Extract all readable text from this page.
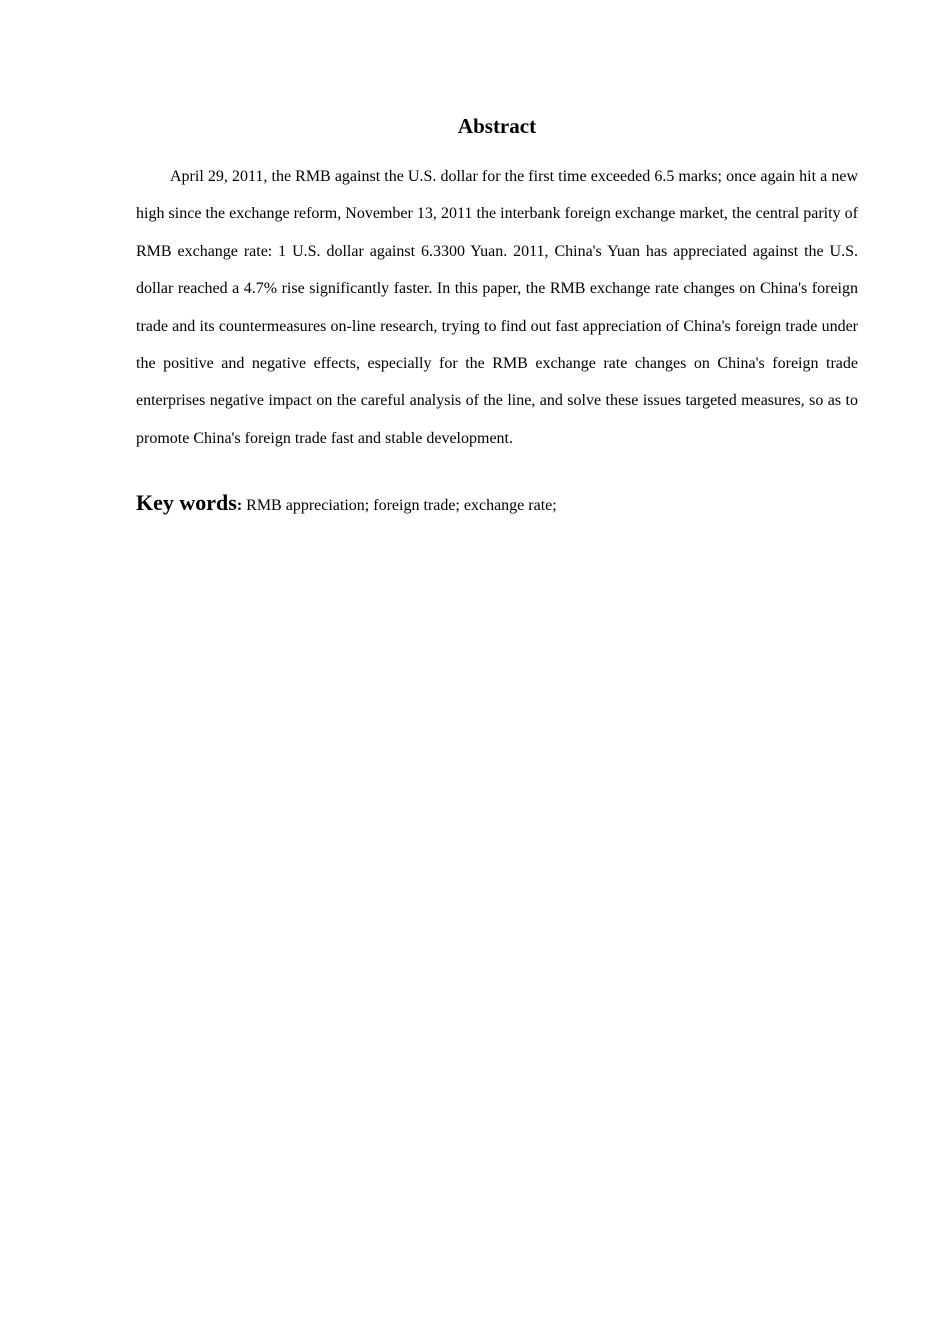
Abstract

April 29, 2011, the RMB against the U.S. dollar for the first time exceeded 6.5 marks; once again hit a new high since the exchange reform, November 13, 2011 the interbank foreign exchange market, the central parity of RMB exchange rate: 1 U.S. dollar against 6.3300 Yuan. 2011, China's Yuan has appreciated against the U.S. dollar reached a 4.7% rise significantly faster. In this paper, the RMB exchange rate changes on China's foreign trade and its countermeasures on-line research, trying to find out fast appreciation of China's foreign trade under the positive and negative effects, especially for the RMB exchange rate changes on China's foreign trade enterprises negative impact on the careful analysis of the line, and solve these issues targeted measures, so as to promote China's foreign trade fast and stable development.

Key words: RMB appreciation; foreign trade; exchange rate;
